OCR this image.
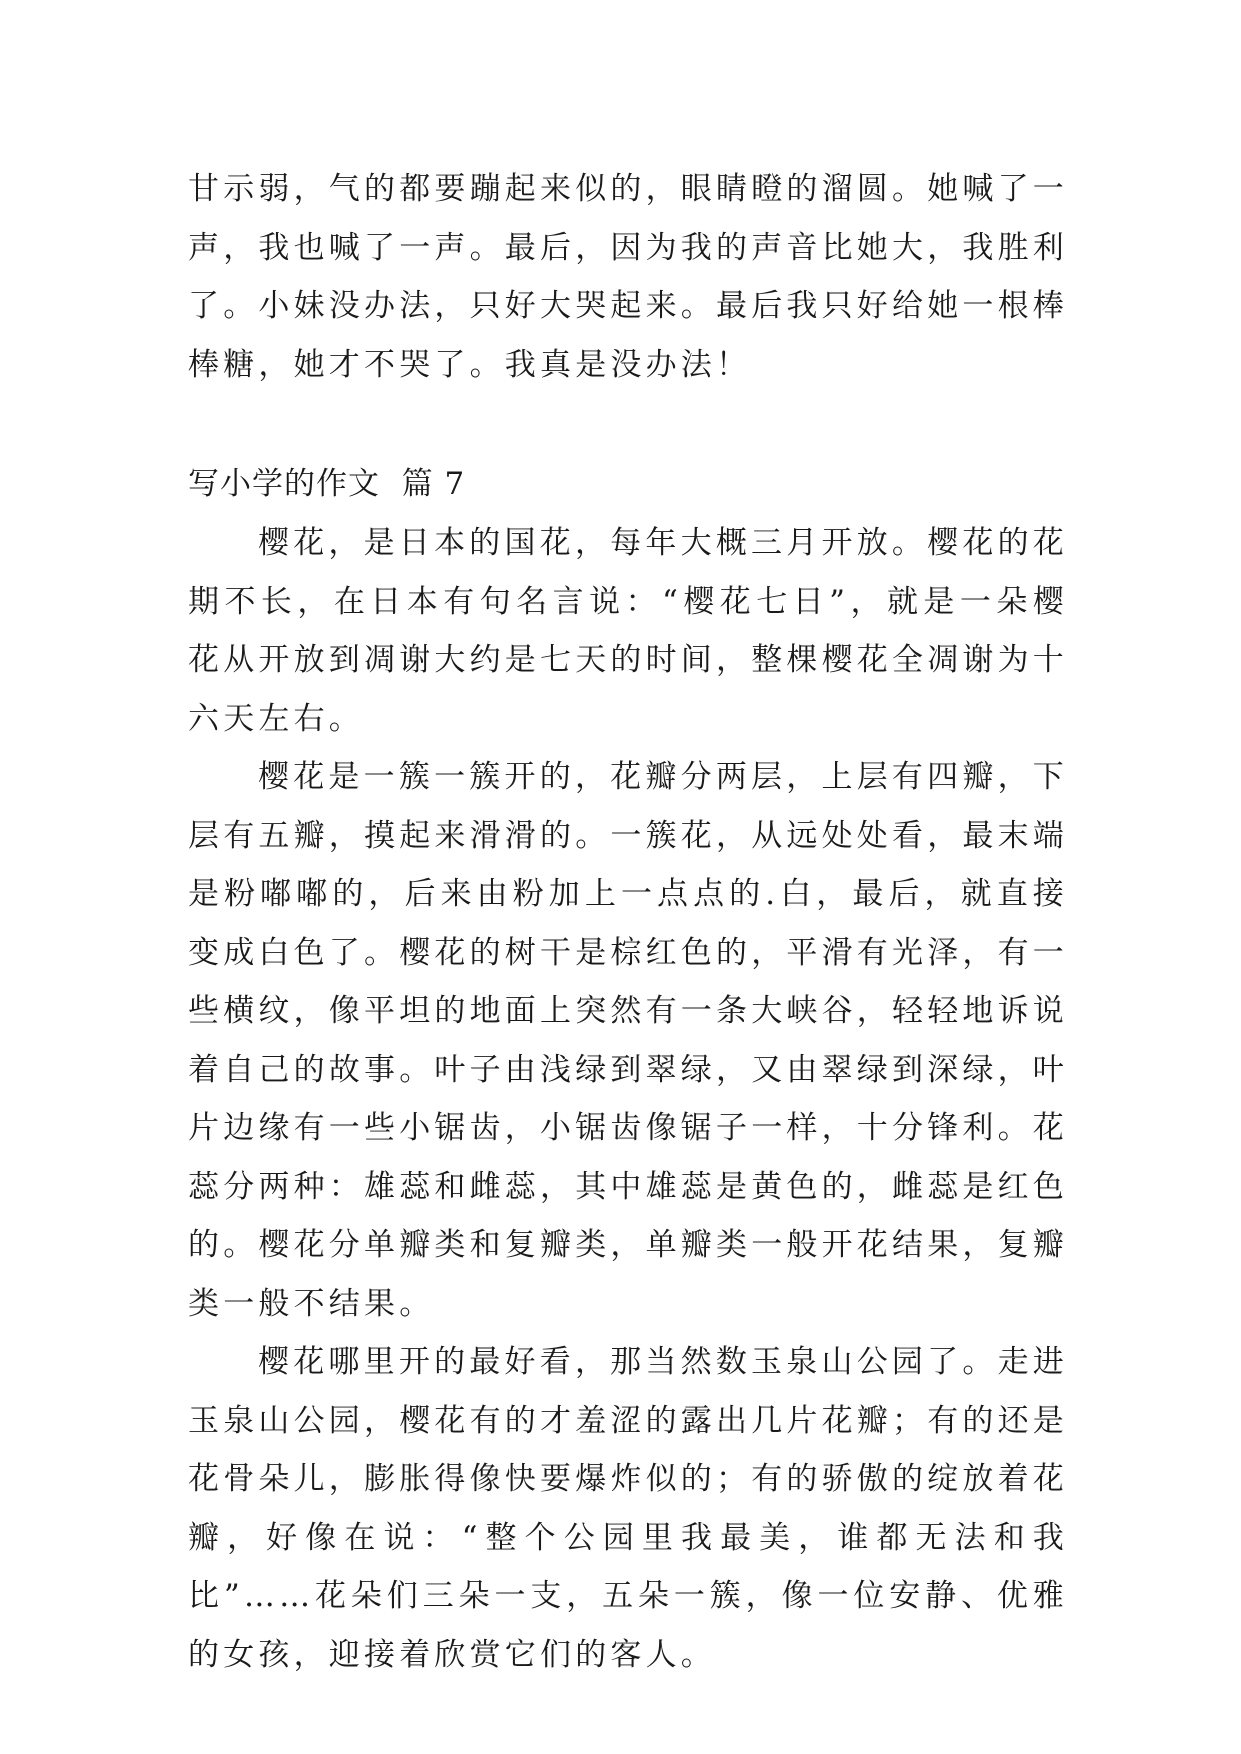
甘示弱，气的都要蹦起来似的，眼睛瞪的溜圆。她喊了一声，我也喊了一声。最后，因为我的声音比她大，我胜利了。小妹没办法，只好大哭起来。最后我只好给她一根棒棒糖，她才不哭了。我真是没办法！

写小学的作文  篇 7

樱花，是日本的国花，每年大概三月开放。樱花的花期不长，在日本有句名言说：“樱花七日”，就是一朵樱花从开放到凋谢大约是七天的时间，整棵樱花全凋谢为十六天左右。

樱花是一簇一簇开的，花瓣分两层，上层有四瓣，下层有五瓣，摸起来滑滑的。一簇花，从远处处看，最末端是粉嘟嘟的，后来由粉加上一点点的.白，最后，就直接变成白色了。樱花的树干是棕红色的，平滑有光泽，有一些横纹，像平坦的地面上突然有一条大峡谷，轻轻地诉说着自己的故事。叶子由浅绿到翠绿，又由翠绿到深绿，叶片边缘有一些小锯齿，小锯齿像锯子一样，十分锋利。花蕊分两种：雄蕊和雌蕊，其中雄蕊是黄色的，雌蕊是红色的。樱花分单瓣类和复瓣类，单瓣类一般开花结果，复瓣类一般不结果。

樱花哪里开的最好看，那当然数玉泉山公园了。走进玉泉山公园，樱花有的才羞涩的露出几片花瓣；有的还是花骨朵儿，膨胀得像快要爆炸似的；有的骄傲的绽放着花瓣，好像在说：“整个公园里我最美，谁都无法和我比”……花朵们三朵一支，五朵一簇，像一位安静、优雅的女孩，迎接着欣赏它们的客人。
